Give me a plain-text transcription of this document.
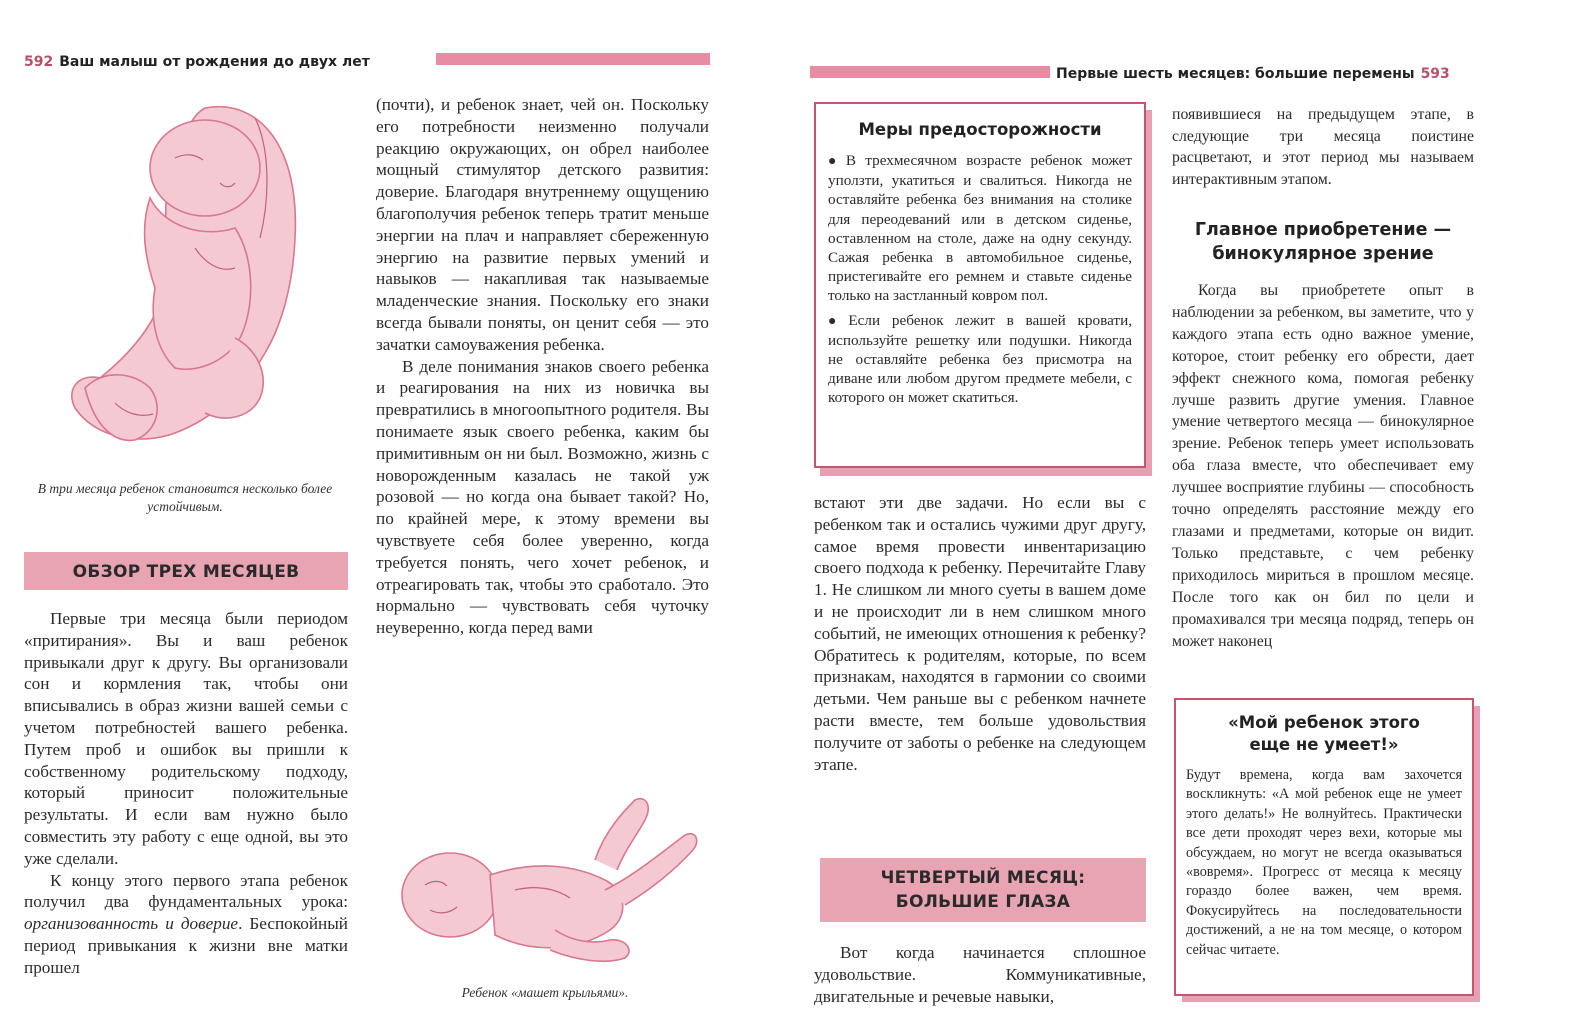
592 Ваш малыш от рождения до двух лет
В три месяца ребенок становится несколько более устойчивым.
ОБЗОР ТРЕХ МЕСЯЦЕВ

Первые три месяца были периодом «притирания». Вы и ваш ребенок привыкали друг к другу. Вы организовали сон и кормления так, чтобы они вписывались в образ жизни вашей семьи с учетом потребностей вашего ребенка. Путем проб и ошибок вы пришли к собственному родительскому подходу, который приносит положительные результаты. И если вам нужно было совместить эту работу с еще одной, вы это уже сделали.

К концу этого первого этапа ребенок получил два фундаментальных урока: организованность и доверие. Беспокойный период привыкания к жизни вне матки прошел

(почти), и ребенок знает, чей он. Поскольку его потребности неизменно получали реакцию окружающих, он обрел наиболее мощный стимулятор детского развития: доверие. Благодаря внутреннему ощущению благополучия ребенок теперь тратит меньше энергии на плач и направляет сбереженную энергию на развитие первых умений и навыков — накапливая так называемые младенческие знания. Поскольку его знаки всегда бывали поняты, он ценит себя — это зачатки самоуважения ребенка.

В деле понимания знаков своего ребенка и реагирования на них из новичка вы превратились в многоопытного родителя. Вы понимаете язык своего ребенка, каким бы примитивным он ни был. Возможно, жизнь с новорожденным казалась не такой уж розовой — но когда она бывает такой? Но, по крайней мере, к этому времени вы чувствуете себя более уверенно, когда требуется понять, чего хочет ребенок, и отреагировать так, чтобы это сработало. Это нормально — чувствовать себя чуточку неуверенно, когда перед вами

Ребенок «машет крыльями».
Первые шесть месяцев: большие перемены 593
Меры предосторожности

● В трехмесячном возрасте ребенок может уползти, укатиться и свалиться. Никогда не оставляйте ребенка без внимания на столике для переодеваний или в детском сиденье, оставленном на столе, даже на одну секунду. Сажая ребенка в автомобильное сиденье, пристегивайте его ремнем и ставьте сиденье только на застланный ковром пол.

● Если ребенок лежит в вашей кровати, используйте решетку или подушки. Никогда не оставляйте ребенка без присмотра на диване или любом другом предмете мебели, с которого он может скатиться.

встают эти две задачи. Но если вы с ребенком так и остались чужими друг другу, самое время провести инвентаризацию своего подхода к ребенку. Перечитайте Главу 1. Не слишком ли много суеты в вашем доме и не происходит ли в нем слишком много событий, не имеющих отношения к ребенку? Обратитесь к родителям, которые, по всем признакам, находятся в гармонии со своими детьми. Чем раньше вы с ребенком начнете расти вместе, тем больше удовольствия получите от заботы о ребенке на следующем этапе.

ЧЕТВЕРТЫЙ МЕСЯЦ:
БОЛЬШИЕ ГЛАЗА

Вот когда начинается сплошное удовольствие. Коммуникативные, двигательные и речевые навыки,

появившиеся на предыдущем этапе, в следующие три месяца поистине расцветают, и этот период мы называем интерактивным этапом.

Главное приобретение —
бинокулярное зрение

Когда вы приобретете опыт в наблюдении за ребенком, вы заметите, что у каждого этапа есть одно важное умение, которое, стоит ребенку его обрести, дает эффект снежного кома, помогая ребенку лучше развить другие умения. Главное умение четвертого месяца — бинокулярное зрение. Ребенок теперь умеет использовать оба глаза вместе, что обеспечивает ему лучшее восприятие глубины — способность точно определять расстояние между его глазами и предметами, которые он видит. Только представьте, с чем ребенку приходилось мириться в прошлом месяце. После того как он бил по цели и промахивался три месяца подряд, теперь он может наконец

«Мой ребенок этого
еще не умеет!»
Будут времена, когда вам захочется воскликнуть: «А мой ребенок еще не умеет этого делать!» Не волнуйтесь. Практически все дети проходят через вехи, которые мы обсуждаем, но могут не всегда оказываться «вовремя». Прогресс от месяца к месяцу гораздо более важен, чем время. Фокусируйтесь на последовательности достижений, а не на том месяце, о котором сейчас читаете.
